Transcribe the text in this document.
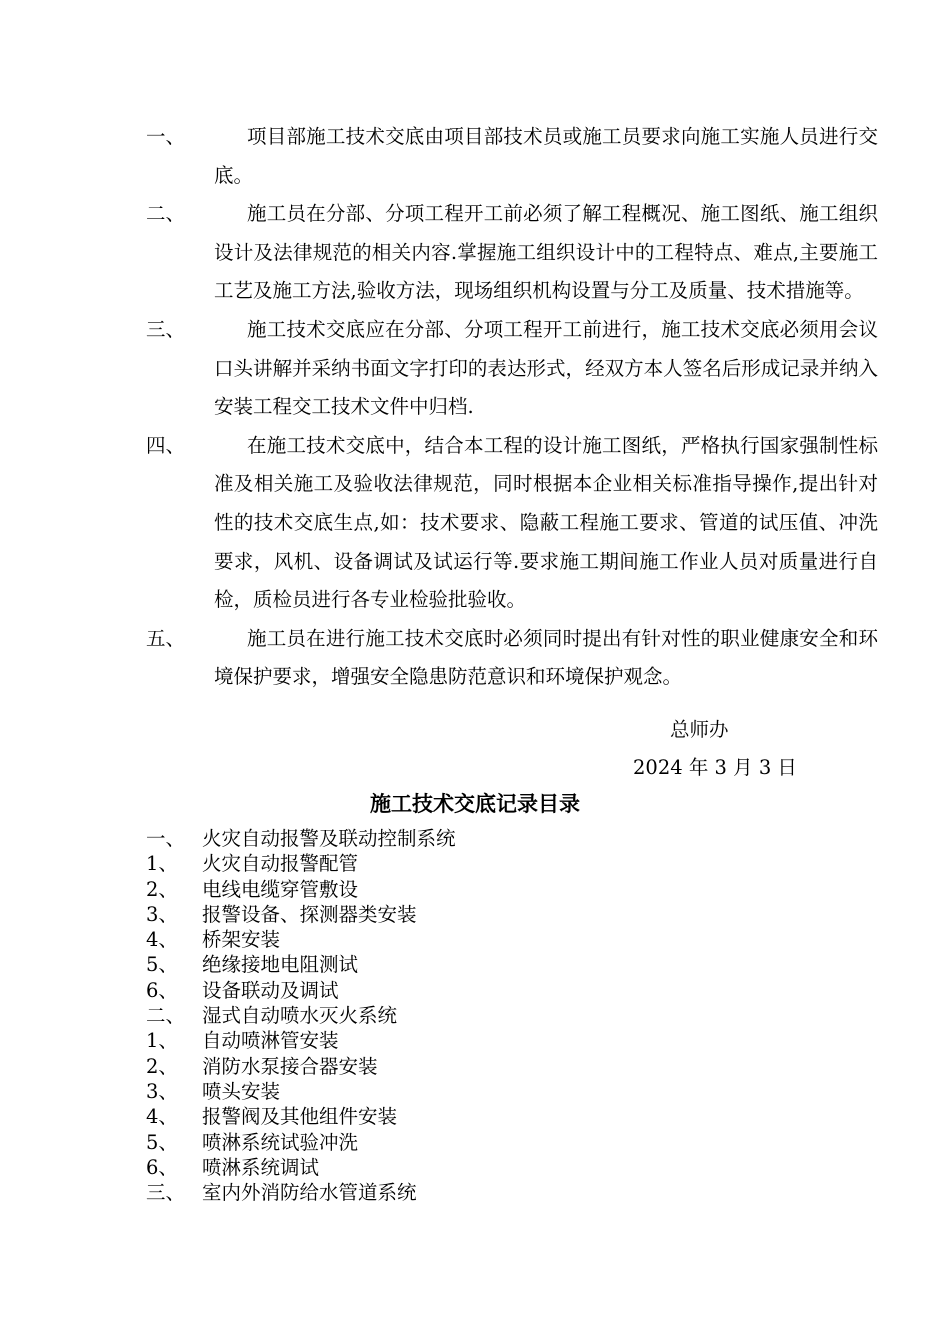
一、	项目部施工技术交底由项目部技术员或施工员要求向施工实施人员进行交底。
二、	施工员在分部、分项工程开工前必须了解工程概况、施工图纸、施工组织设计及法律规范的相关内容.掌握施工组织设计中的工程特点、难点,主要施工工艺及施工方法,验收方法，现场组织机构设置与分工及质量、技术措施等。
三、	施工技术交底应在分部、分项工程开工前进行，施工技术交底必须用会议口头讲解并采纳书面文字打印的表达形式，经双方本人签名后形成记录并纳入安装工程交工技术文件中归档.
四、	在施工技术交底中，结合本工程的设计施工图纸，严格执行国家强制性标准及相关施工及验收法律规范，同时根据本企业相关标准指导操作,提出针对性的技术交底生点,如：技术要求、隐蔽工程施工要求、管道的试压值、冲洗要求，风机、设备调试及试运行等.要求施工期间施工作业人员对质量进行自检，质检员进行各专业检验批验收。
五、	施工员在进行施工技术交底时必须同时提出有针对性的职业健康安全和环境保护要求，增强安全隐患防范意识和环境保护观念。
总师办
2024 年 3 月 3 日
施工技术交底记录目录
一、 火灾自动报警及联动控制系统
1、	火灾自动报警配管
2、	电线电缆穿管敷设
3、	报警设备、探测器类安装
4、	桥架安装
5、	绝缘接地电阻测试
6、	设备联动及调试
二、 湿式自动喷水灭火系统
1、	自动喷淋管安装
2、	消防水泵接合器安装
3、	喷头安装
4、	报警阀及其他组件安装
5、	喷淋系统试验冲洗
6、	喷淋系统调试
三、 室内外消防给水管道系统
